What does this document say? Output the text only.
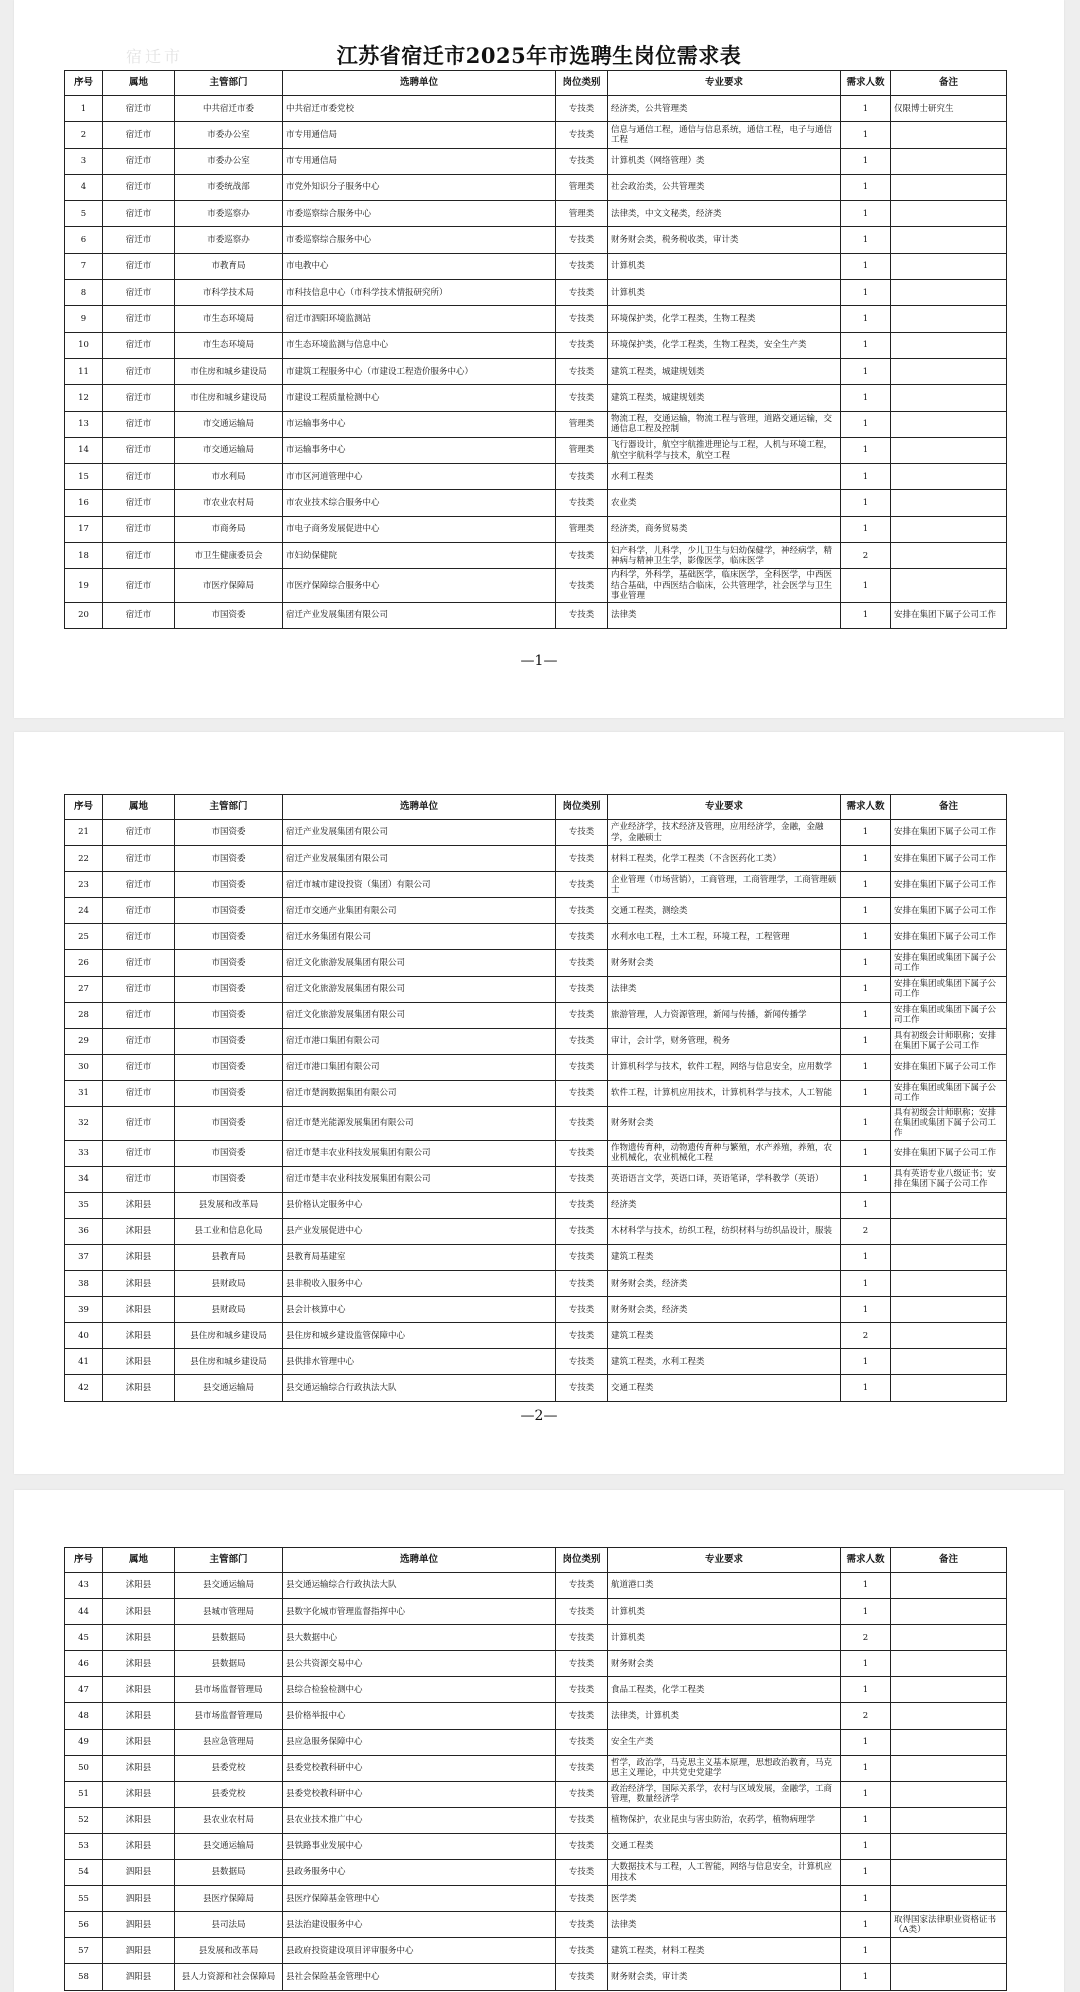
宿迁市	江苏省宿迁市2025年市选聘生岗位需求表
序号	属地	主管部门	选聘单位	岗位类别	专业要求	需求人数	备注
1	宿迁市	中共宿迁市委	中共宿迁市委党校	专技类	经济类，公共管理类	1	仅限博士研究生
2	宿迁市	市委办公室	市专用通信局	专技类	信息与通信工程，通信与信息系统，通信工程，电子与通信工程	1	
3	宿迁市	市委办公室	市专用通信局	专技类	计算机类（网络管理）类	1	
4	宿迁市	市委统战部	市党外知识分子服务中心	管理类	社会政治类，公共管理类	1	
5	宿迁市	市委巡察办	市委巡察综合服务中心	管理类	法律类，中文文秘类，经济类	1	
6	宿迁市	市委巡察办	市委巡察综合服务中心	专技类	财务财会类，税务税收类，审计类	1	
7	宿迁市	市教育局	市电教中心	专技类	计算机类	1	
8	宿迁市	市科学技术局	市科技信息中心（市科学技术情报研究所）	专技类	计算机类	1	
9	宿迁市	市生态环境局	宿迁市泗阳环境监测站	专技类	环境保护类，化学工程类，生物工程类	1	
10	宿迁市	市生态环境局	市生态环境监测与信息中心	专技类	环境保护类，化学工程类，生物工程类，安全生产类	1	
11	宿迁市	市住房和城乡建设局	市建筑工程服务中心（市建设工程造价服务中心）	专技类	建筑工程类，城建规划类	1	
12	宿迁市	市住房和城乡建设局	市建设工程质量检测中心	专技类	建筑工程类，城建规划类	1	
13	宿迁市	市交通运输局	市运输事务中心	管理类	物流工程，交通运输，物流工程与管理，道路交通运输，交通信息工程及控制	1	
14	宿迁市	市交通运输局	市运输事务中心	管理类	飞行器设计，航空宇航推进理论与工程，人机与环境工程，航空宇航科学与技术，航空工程	1	
15	宿迁市	市水利局	市市区河道管理中心	专技类	水利工程类	1	
16	宿迁市	市农业农村局	市农业技术综合服务中心	专技类	农业类	1	
17	宿迁市	市商务局	市电子商务发展促进中心	管理类	经济类，商务贸易类	1	
18	宿迁市	市卫生健康委员会	市妇幼保健院	专技类	妇产科学，儿科学，少儿卫生与妇幼保健学，神经病学，精神病与精神卫生学，影像医学，临床医学	2	
19	宿迁市	市医疗保障局	市医疗保障综合服务中心	专技类	内科学，外科学，基础医学，临床医学，全科医学，中西医结合基础，中西医结合临床，公共管理学，社会医学与卫生事业管理	1	
20	宿迁市	市国资委	宿迁产业发展集团有限公司	专技类	法律类	1	安排在集团下属子公司工作
—1—
序号	属地	主管部门	选聘单位	岗位类别	专业要求	需求人数	备注
21	宿迁市	市国资委	宿迁产业发展集团有限公司	专技类	产业经济学，技术经济及管理，应用经济学，金融，金融学，金融硕士	1	安排在集团下属子公司工作
22	宿迁市	市国资委	宿迁产业发展集团有限公司	专技类	材料工程类，化学工程类（不含医药化工类）	1	安排在集团下属子公司工作
23	宿迁市	市国资委	宿迁市城市建设投资（集团）有限公司	专技类	企业管理（市场营销），工商管理，工商管理学，工商管理硕士	1	安排在集团下属子公司工作
24	宿迁市	市国资委	宿迁市交通产业集团有限公司	专技类	交通工程类，测绘类	1	安排在集团下属子公司工作
25	宿迁市	市国资委	宿迁水务集团有限公司	专技类	水利水电工程，土木工程，环境工程，工程管理	1	安排在集团下属子公司工作
26	宿迁市	市国资委	宿迁文化旅游发展集团有限公司	专技类	财务财会类	1	安排在集团或集团下属子公司工作
27	宿迁市	市国资委	宿迁文化旅游发展集团有限公司	专技类	法律类	1	安排在集团或集团下属子公司工作
28	宿迁市	市国资委	宿迁文化旅游发展集团有限公司	专技类	旅游管理，人力资源管理，新闻与传播，新闻传播学	1	安排在集团或集团下属子公司工作
29	宿迁市	市国资委	宿迁市港口集团有限公司	专技类	审计，会计学，财务管理，税务	1	具有初级会计师职称；安排在集团下属子公司工作
30	宿迁市	市国资委	宿迁市港口集团有限公司	专技类	计算机科学与技术，软件工程，网络与信息安全，应用数学	1	安排在集团下属子公司工作
31	宿迁市	市国资委	宿迁市楚润数据集团有限公司	专技类	软件工程，计算机应用技术，计算机科学与技术，人工智能	1	安排在集团或集团下属子公司工作
32	宿迁市	市国资委	宿迁市楚光能源发展集团有限公司	专技类	财务财会类	1	具有初级会计师职称；安排在集团或集团下属子公司工作
33	宿迁市	市国资委	宿迁市楚丰农业科技发展集团有限公司	专技类	作物遗传育种，动物遗传育种与繁殖，水产养殖，养殖，农业机械化，农业机械化工程	1	安排在集团下属子公司工作
34	宿迁市	市国资委	宿迁市楚丰农业科技发展集团有限公司	专技类	英语语言文学，英语口译，英语笔译，学科教学（英语）	1	具有英语专业八级证书；安排在集团下属子公司工作
35	沭阳县	县发展和改革局	县价格认定服务中心	专技类	经济类	1	
36	沭阳县	县工业和信息化局	县产业发展促进中心	专技类	木材科学与技术，纺织工程，纺织材料与纺织品设计，服装	2	
37	沭阳县	县教育局	县教育局基建室	专技类	建筑工程类	1	
38	沭阳县	县财政局	县非税收入服务中心	专技类	财务财会类，经济类	1	
39	沭阳县	县财政局	县会计核算中心	专技类	财务财会类，经济类	1	
40	沭阳县	县住房和城乡建设局	县住房和城乡建设监管保障中心	专技类	建筑工程类	2	
41	沭阳县	县住房和城乡建设局	县供排水管理中心	专技类	建筑工程类，水利工程类	1	
42	沭阳县	县交通运输局	县交通运输综合行政执法大队	专技类	交通工程类	1	
—2—
序号	属地	主管部门	选聘单位	岗位类别	专业要求	需求人数	备注
43	沭阳县	县交通运输局	县交通运输综合行政执法大队	专技类	航道港口类	1	
44	沭阳县	县城市管理局	县数字化城市管理监督指挥中心	专技类	计算机类	1	
45	沭阳县	县数据局	县大数据中心	专技类	计算机类	2	
46	沭阳县	县数据局	县公共资源交易中心	专技类	财务财会类	1	
47	沭阳县	县市场监督管理局	县综合检验检测中心	专技类	食品工程类，化学工程类	1	
48	沭阳县	县市场监督管理局	县价格举报中心	专技类	法律类，计算机类	2	
49	沭阳县	县应急管理局	县应急服务保障中心	专技类	安全生产类	1	
50	沭阳县	县委党校	县委党校教科研中心	专技类	哲学，政治学，马克思主义基本原理，思想政治教育，马克思主义理论，中共党史党建学	1	
51	沭阳县	县委党校	县委党校教科研中心	专技类	政治经济学，国际关系学，农村与区域发展，金融学，工商管理，数量经济学	1	
52	沭阳县	县农业农村局	县农业技术推广中心	专技类	植物保护，农业昆虫与害虫防治，农药学，植物病理学	1	
53	沭阳县	县交通运输局	县铁路事业发展中心	专技类	交通工程类	1	
54	泗阳县	县数据局	县政务服务中心	专技类	大数据技术与工程，人工智能，网络与信息安全，计算机应用技术	1	
55	泗阳县	县医疗保障局	县医疗保障基金管理中心	专技类	医学类	1	
56	泗阳县	县司法局	县法治建设服务中心	专技类	法律类	1	取得国家法律职业资格证书（A类）
57	泗阳县	县发展和改革局	县政府投资建设项目评审服务中心	专技类	建筑工程类，材料工程类	1	
58	泗阳县	县人力资源和社会保障局	县社会保险基金管理中心	专技类	财务财会类，审计类	1	
